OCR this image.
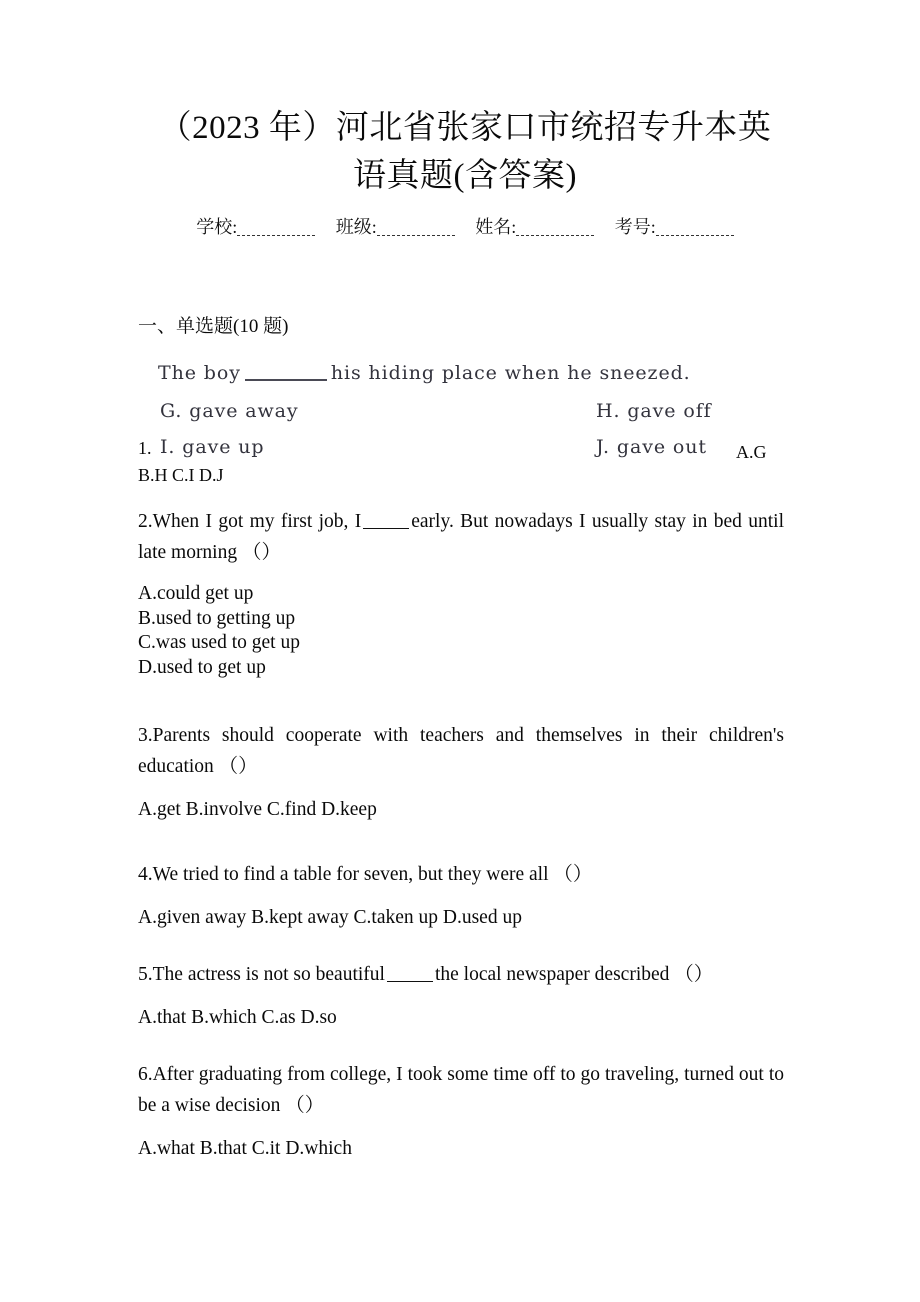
（2023 年）河北省张家口市统招专升本英 语真题(含答案)
学校:	班级:	姓名:	考号:
一、单选题(10 题)
1.
The boy	his hiding place when he sneezed.
G. gave away	H. gave off
I. gave up	J. gave out A.G
B.H C.I D.J

2.When I got my first job, I	early. But nowadays I usually stay in bed until late morning （）

A.could get up
B.used to getting up
C.was used to get up
D.used to get up

3.Parents should cooperate with teachers and themselves in their children's education （）

A.get B.involve C.find D.keep

4.We tried to find a table for seven, but they were all （）

A.given away B.kept away C.taken up D.used up

5.The actress is not so beautiful	the local newspaper described （）

A.that B.which C.as D.so

6.After graduating from college, I took some time off to go traveling, turned out to be a wise decision （）

A.what B.that C.it D.which
